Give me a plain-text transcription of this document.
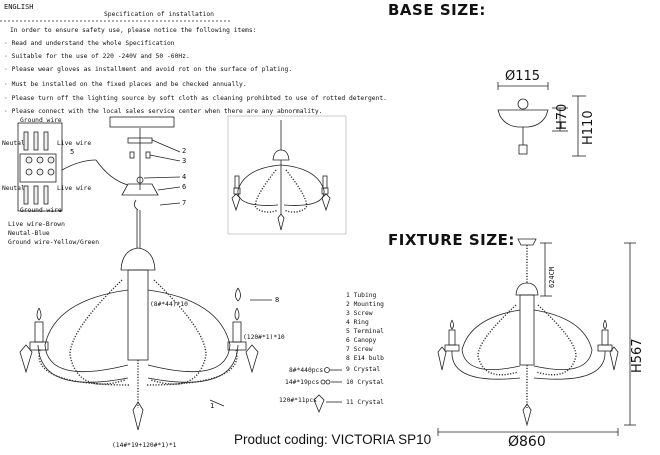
ENGLISH
Specification of installation
In order to ensure safety use, please notice the following items:
· Read and understand the whole Specification
· Suitable for the use of 220 -240V and 50 -60Hz.
· Please wear gloves as installment and avoid rot on the surface of plating.
· Must be installed on the fixed places and be checked annually.
· Please turn off the lighting source by soft cloth as cleaning prohibted to use of rotted detergent.
· Please connect with the local sales service center when there are any abnormality.
Ground wire
Neutal	Live wire
Neutal	Live wire
Ground wire
Live wire-Brown
Neutal-Blue
Ground wire-Yellow/Green
1
2
3
4
5
6
7
8
(8#*44)*10
(120#*1)*10
(14#*19+120#*1)*1
8#*440pcs
14#*19pcs
120#*11pcs
1 Tubing
2 Mounting
3 Screw
4 Ring
5 Terminal
6 Canopy
7 Screw
8 E14 bulb
9 Crystal
10 Crystal
11 Crystal
BASE SIZE:
Ø115
H70 H110
FIXTURE SIZE:
624CM
H567
Ø860
Product coding: VICTORIA SP10
